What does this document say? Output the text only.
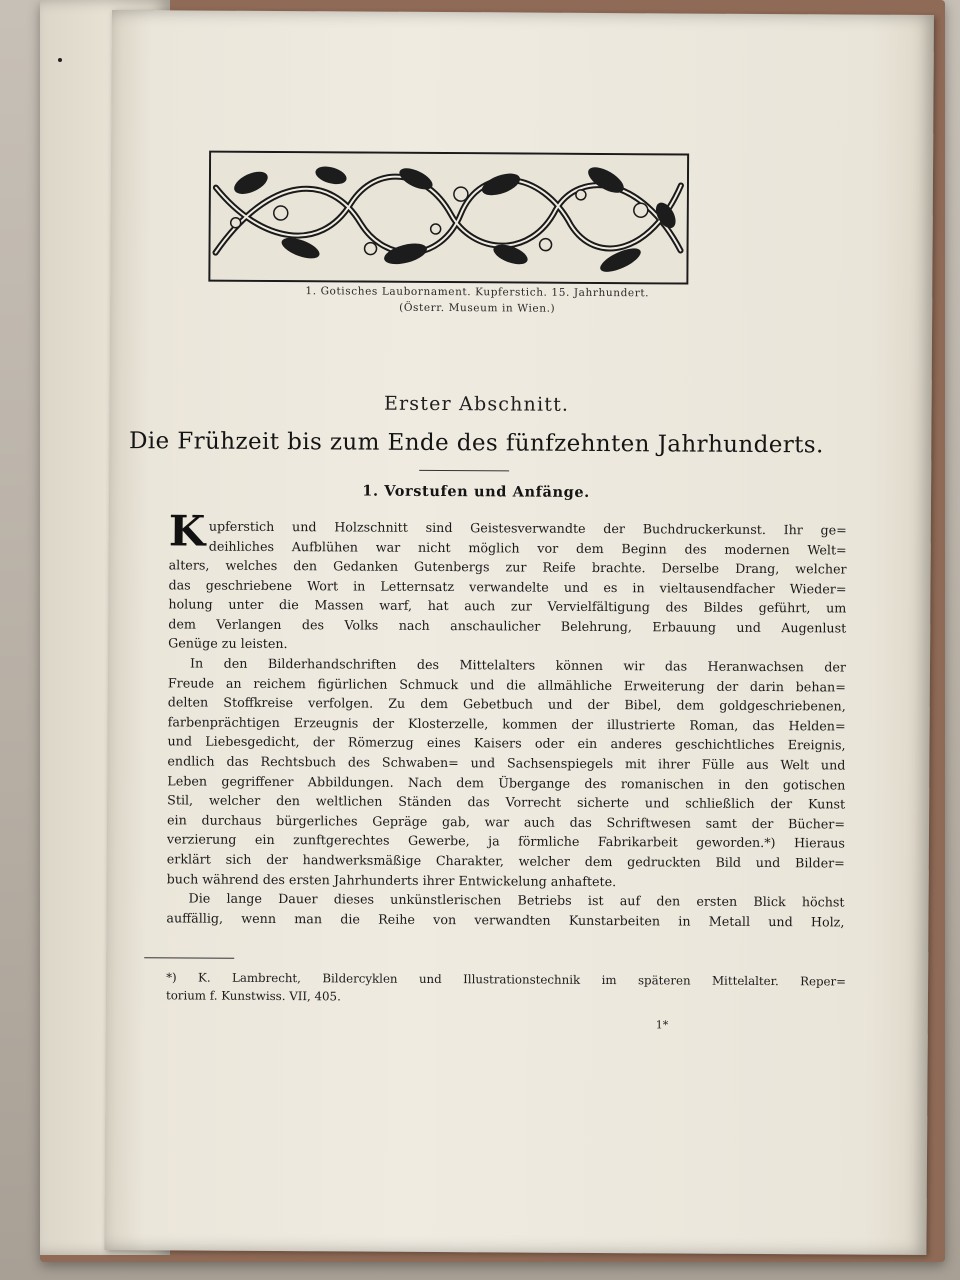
1. Gotisches Laubornament. Kupferstich. 15. Jahrhundert.
(Österr. Museum in Wien.)
Erster Abschnitt.
Die Frühzeit bis zum Ende des fünfzehnten Jahrhunderts.
1. Vorstufen und Anfänge.
K upferstich und Holzschnitt sind Geistesverwandte der Buchdruckerkunst. Ihr ge=
deihliches Aufblühen war nicht möglich vor dem Beginn des modernen Welt=
alters, welches den Gedanken Gutenbergs zur Reife brachte. Derselbe Drang, welcher
das geschriebene Wort in Letternsatz verwandelte und es in vieltausendfacher Wieder=
holung unter die Massen warf, hat auch zur Vervielfältigung des Bildes geführt, um
dem Verlangen des Volks nach anschaulicher Belehrung, Erbauung und Augenlust
Genüge zu leisten.
In den Bilderhandschriften des Mittelalters können wir das Heranwachsen der
Freude an reichem figürlichen Schmuck und die allmähliche Erweiterung der darin behan=
delten Stoffkreise verfolgen. Zu dem Gebetbuch und der Bibel, dem goldgeschriebenen,
farbenprächtigen Erzeugnis der Klosterzelle, kommen der illustrierte Roman, das Helden=
und Liebesgedicht, der Römerzug eines Kaisers oder ein anderes geschichtliches Ereignis,
endlich das Rechtsbuch des Schwaben= und Sachsenspiegels mit ihrer Fülle aus Welt und
Leben gegriffener Abbildungen. Nach dem Übergange des romanischen in den gotischen
Stil, welcher den weltlichen Ständen das Vorrecht sicherte und schließlich der Kunst
ein durchaus bürgerliches Gepräge gab, war auch das Schriftwesen samt der Bücher=
verzierung ein zunftgerechtes Gewerbe, ja förmliche Fabrikarbeit geworden.*) Hieraus
erklärt sich der handwerksmäßige Charakter, welcher dem gedruckten Bild und Bilder=
buch während des ersten Jahrhunderts ihrer Entwickelung anhaftete.
Die lange Dauer dieses unkünstlerischen Betriebs ist auf den ersten Blick höchst
auffällig, wenn man die Reihe von verwandten Kunstarbeiten in Metall und Holz,
*) K. Lambrecht, Bildercyklen und Illustrationstechnik im späteren Mittelalter. Reper=
torium f. Kunstwiss. VII, 405.
1*
